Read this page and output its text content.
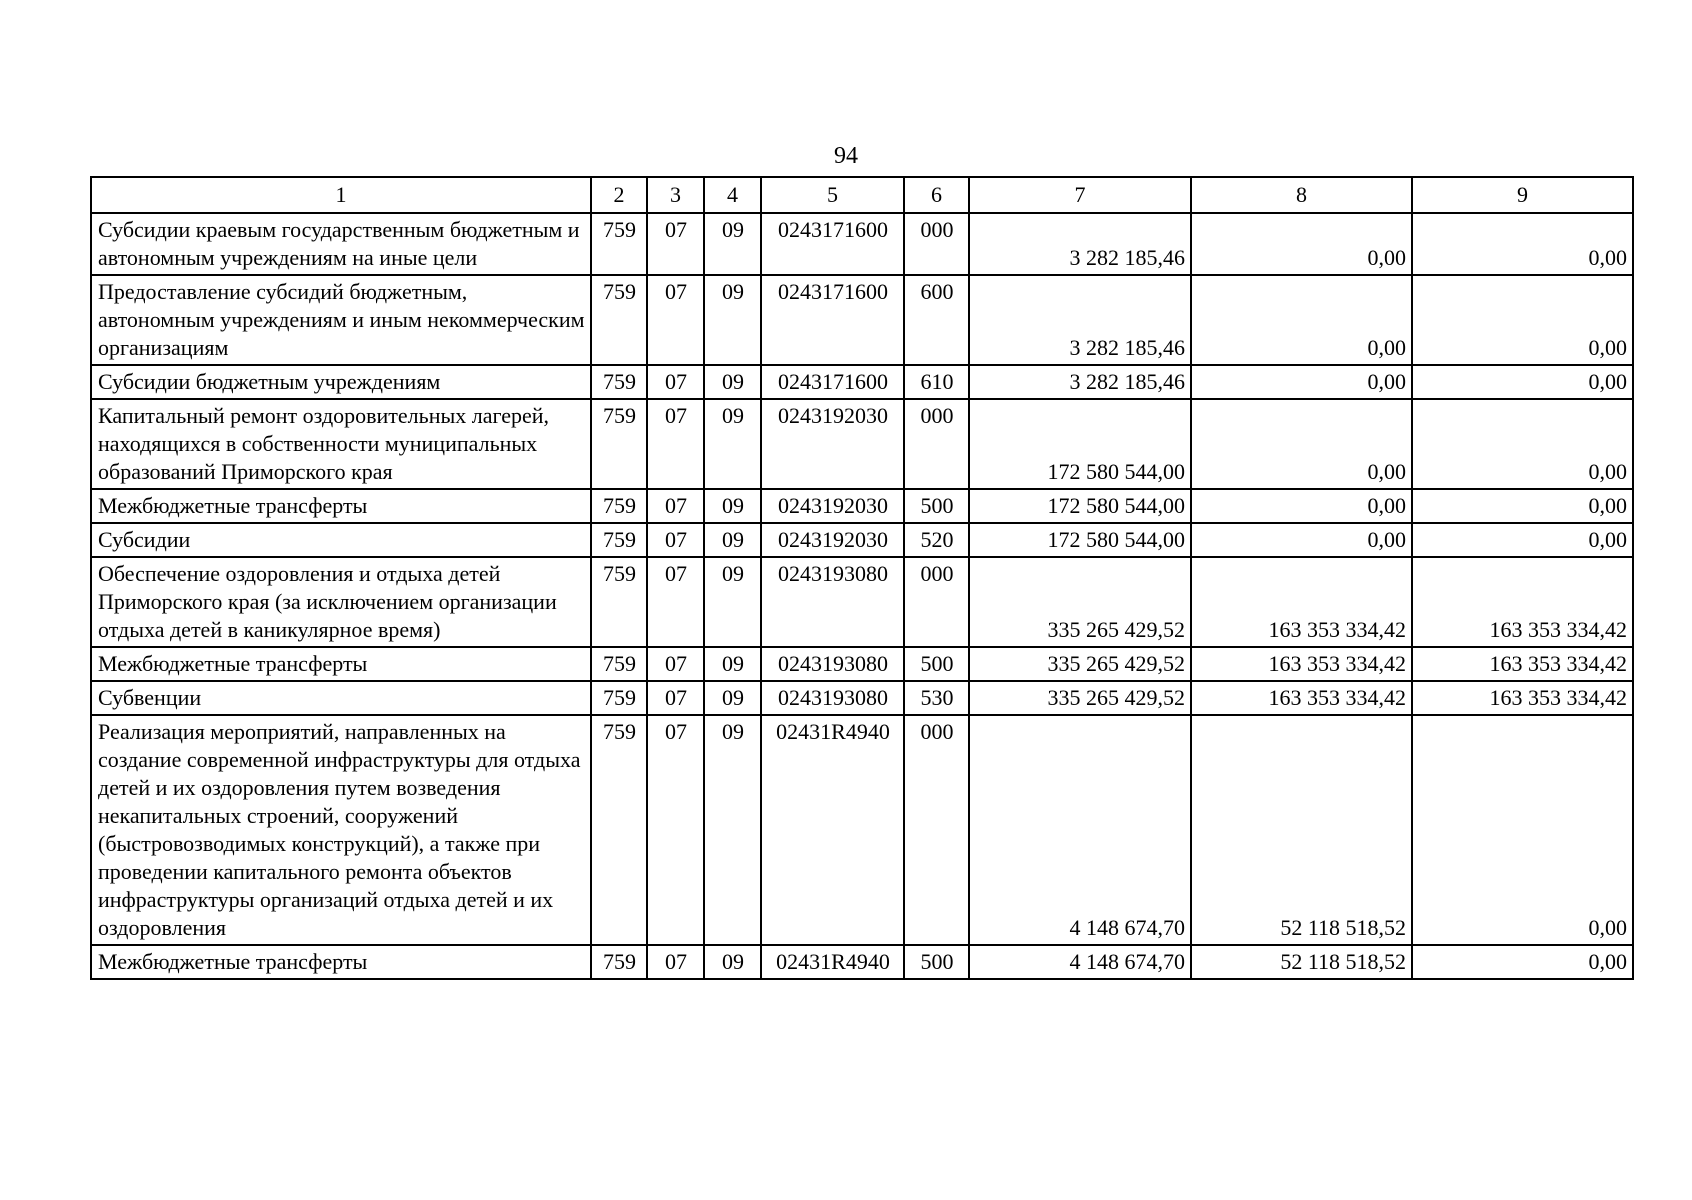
94
1	2	3	4	5	6	7	8	9
Субсидии краевым государственным бюджетным и автономным учреждениям на иные цели	759	07	09	0243171600	000	3 282 185,46	0,00	0,00
Предоставление субсидий бюджетным, автономным учреждениям и иным некоммерческим организациям	759	07	09	0243171600	600	3 282 185,46	0,00	0,00
Субсидии бюджетным учреждениям	759	07	09	0243171600	610	3 282 185,46	0,00	0,00
Капитальный ремонт оздоровительных лагерей, находящихся в собственности муниципальных образований Приморского края	759	07	09	0243192030	000	172 580 544,00	0,00	0,00
Межбюджетные трансферты	759	07	09	0243192030	500	172 580 544,00	0,00	0,00
Субсидии	759	07	09	0243192030	520	172 580 544,00	0,00	0,00
Обеспечение оздоровления и отдыха детей Приморского края (за исключением организации отдыха детей в каникулярное время)	759	07	09	0243193080	000	335 265 429,52	163 353 334,42	163 353 334,42
Межбюджетные трансферты	759	07	09	0243193080	500	335 265 429,52	163 353 334,42	163 353 334,42
Субвенции	759	07	09	0243193080	530	335 265 429,52	163 353 334,42	163 353 334,42
Реализация мероприятий, направленных на создание современной инфраструктуры для отдыха детей и их оздоровления путем возведения некапитальных строений, сооружений (быстровозводимых конструкций), а также при проведении капитального ремонта объектов инфраструктуры организаций отдыха детей и их оздоровления	759	07	09	02431R4940	000	4 148 674,70	52 118 518,52	0,00
Межбюджетные трансферты	759	07	09	02431R4940	500	4 148 674,70	52 118 518,52	0,00
